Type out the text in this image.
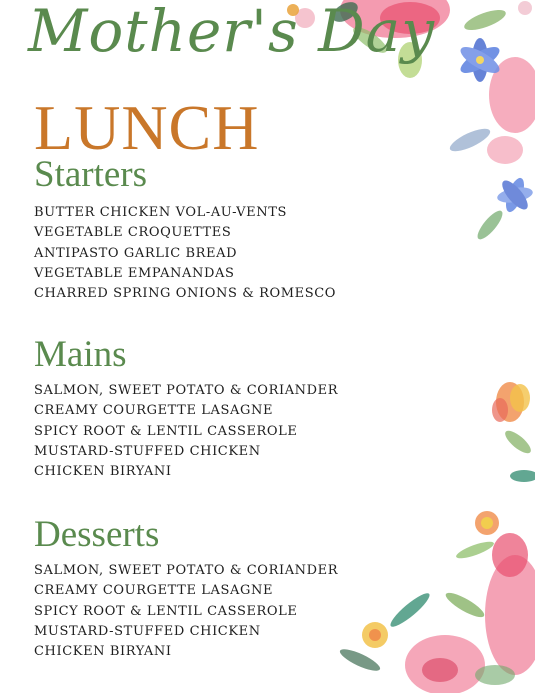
Mother's Day
LUNCH
Starters
BUTTER CHICKEN VOL-AU-VENTS
VEGETABLE CROQUETTES
ANTIPASTO GARLIC BREAD
VEGETABLE EMPANANDAS
CHARRED SPRING ONIONS & ROMESCO
Mains
SALMON, SWEET POTATO & CORIANDER
CREAMY COURGETTE LASAGNE
SPICY ROOT & LENTIL CASSEROLE
MUSTARD-STUFFED CHICKEN
CHICKEN BIRYANI
Desserts
SALMON, SWEET POTATO & CORIANDER
CREAMY COURGETTE LASAGNE
SPICY ROOT & LENTIL CASSEROLE
MUSTARD-STUFFED CHICKEN
CHICKEN BIRYANI
